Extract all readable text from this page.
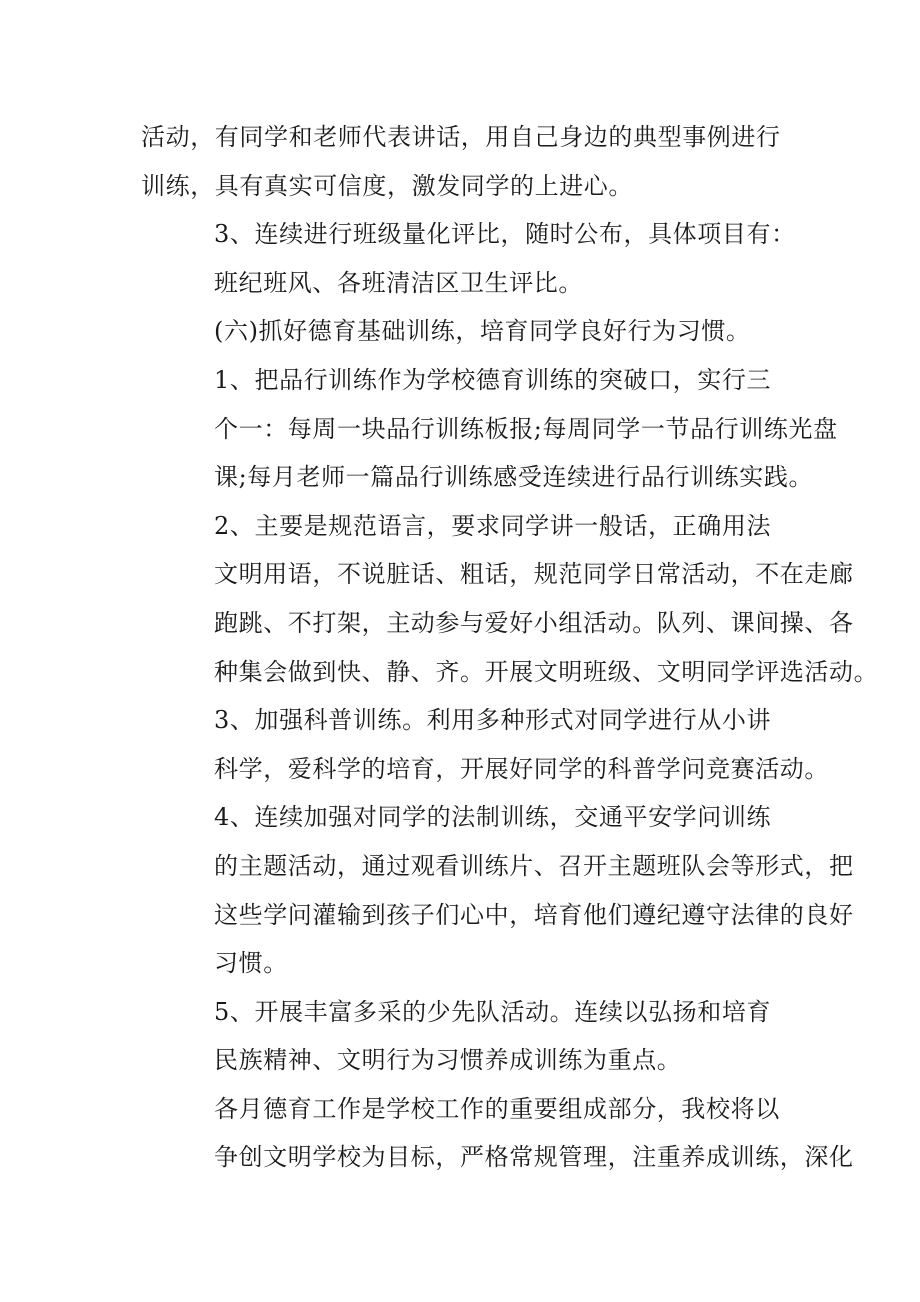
活动，有同学和老师代表讲话，用自己身边的典型事例进行
训练，具有真实可信度，激发同学的上进心。

3、连续进行班级量化评比，随时公布，具体项目有：
班纪班风、各班清洁区卫生评比。

(六)抓好德育基础训练，培育同学良好行为习惯。

1、把品行训练作为学校德育训练的突破口，实行三
个一：每周一块品行训练板报;每周同学一节品行训练光盘
课;每月老师一篇品行训练感受连续进行品行训练实践。

2、主要是规范语言，要求同学讲一般话，正确用法
文明用语，不说脏话、粗话，规范同学日常活动，不在走廊
跑跳、不打架，主动参与爱好小组活动。队列、课间操、各
种集会做到快、静、齐。开展文明班级、文明同学评选活动。

3、加强科普训练。利用多种形式对同学进行从小讲
科学，爱科学的培育，开展好同学的科普学问竞赛活动。

4、连续加强对同学的法制训练，交通平安学问训练
的主题活动，通过观看训练片、召开主题班队会等形式，把
这些学问灌输到孩子们心中，培育他们遵纪遵守法律的良好
习惯。

5、开展丰富多采的少先队活动。连续以弘扬和培育
民族精神、文明行为习惯养成训练为重点。

各月德育工作是学校工作的重要组成部分，我校将以
争创文明学校为目标，严格常规管理，注重养成训练，深化
